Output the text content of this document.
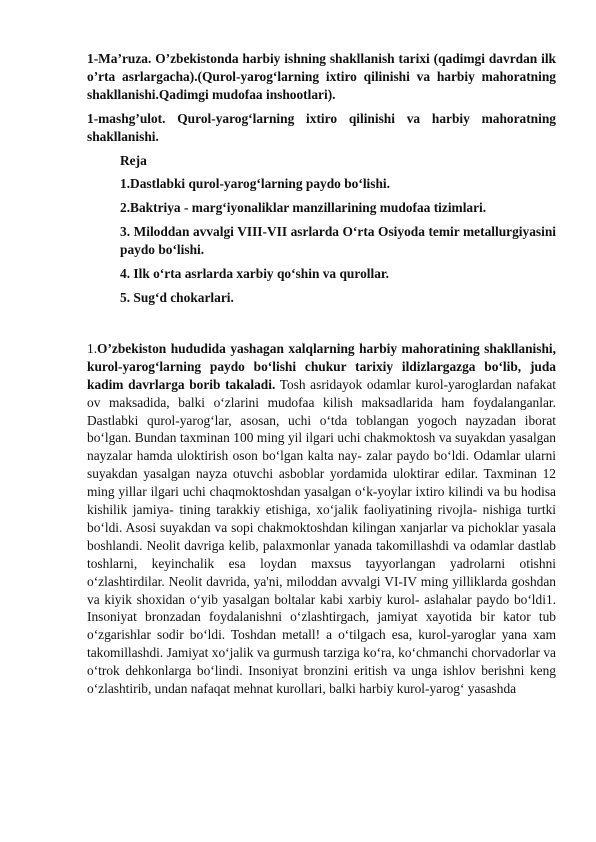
1-Ma’ruza. O’zbekistonda harbiy ishning shakllanish tarixi (qadimgi davrdan ilk o’rta asrlargacha).(Qurol-yarog‘larning ixtiro qilinishi va harbiy mahoratning shakllanishi.Qadimgi mudofaa inshootlari).

1-mashg’ulot. Qurol-yarog‘larning ixtiro qilinishi va harbiy mahoratning shakllanishi.

Reja
1.Dastlabki qurol-yarog‘larning paydo bo‘lishi.
2.Baktriya - marg‘iyonaliklar manzillarining mudofaa tizimlari.
3. Miloddan avvalgi VIII-VII asrlarda O‘rta Osiyoda temir metallurgiyasini paydo bo‘lishi.
4. Ilk o‘rta asrlarda xarbiy qo‘shin va qurollar.
5. Sug‘d chokarlari.

1.O’zbekiston hududida yashagan xalqlarning harbiy mahoratining shakllanishi, kurol-yarog‘larning paydo bo‘lishi chukur tarixiy ildizlargazga bo‘lib, juda kadim davrlarga borib takaladi. Tosh asridayok odamlar kurol-yaroglardan nafakat ov maksadida, balki o‘zlarini mudofaa kilish maksadlarida ham foydalanganlar. Dastlabki qurol-yarog‘lar, asosan, uchi o‘tda toblangan yogoch nayzadan iborat bo‘lgan. Bundan taxminan 100 ming yil ilgari uchi chakmoktosh va suyakdan yasalgan nayzalar hamda uloktirish oson bo‘lgan kalta nay- zalar paydo bo‘ldi. Odamlar ularni suyakdan yasalgan nayza otuvchi asboblar yordamida uloktirar edilar. Taxminan 12 ming yillar ilgari uchi chaqmoktoshdan yasalgan o‘k-yoylar ixtiro kilindi va bu hodisa kishilik jamiya- tining tarakkiy etishiga, xo‘jalik faoliyatining rivojla- nishiga turtki bo‘ldi. Asosi suyakdan va sopi chakmoktoshdan kilingan xanjarlar va pichoklar yasala boshlandi. Neolit davriga kelib, palaxmonlar yanada takomillashdi va odamlar dastlab toshlarni, keyinchalik esa loydan maxsus tayyorlangan yadrolarni otishni o‘zlashtirdilar. Neolit davrida, ya'ni, miloddan avvalgi VI-IV ming yilliklarda goshdan va kiyik shoxidan o‘yib yasalgan boltalar kabi xarbiy kurol- aslahalar paydo bo‘ldi1. Insoniyat bronzadan foydalanishni o‘zlashtirgach, jamiyat xayotida bir kator tub o‘zgarishlar sodir bo‘ldi. Toshdan metall! a o‘tilgach esa, kurol-yaroglar yana xam takomillashdi. Jamiyat xo‘jalik va gurmush tarziga ko‘ra, ko‘chmanchi chorvadorlar va o‘trok dehkonlarga bo‘lindi. Insoniyat bronzini eritish va unga ishlov berishni keng o‘zlashtirib, undan nafaqat mehnat kurollari, balki harbiy kurol-yarog‘ yasashda
